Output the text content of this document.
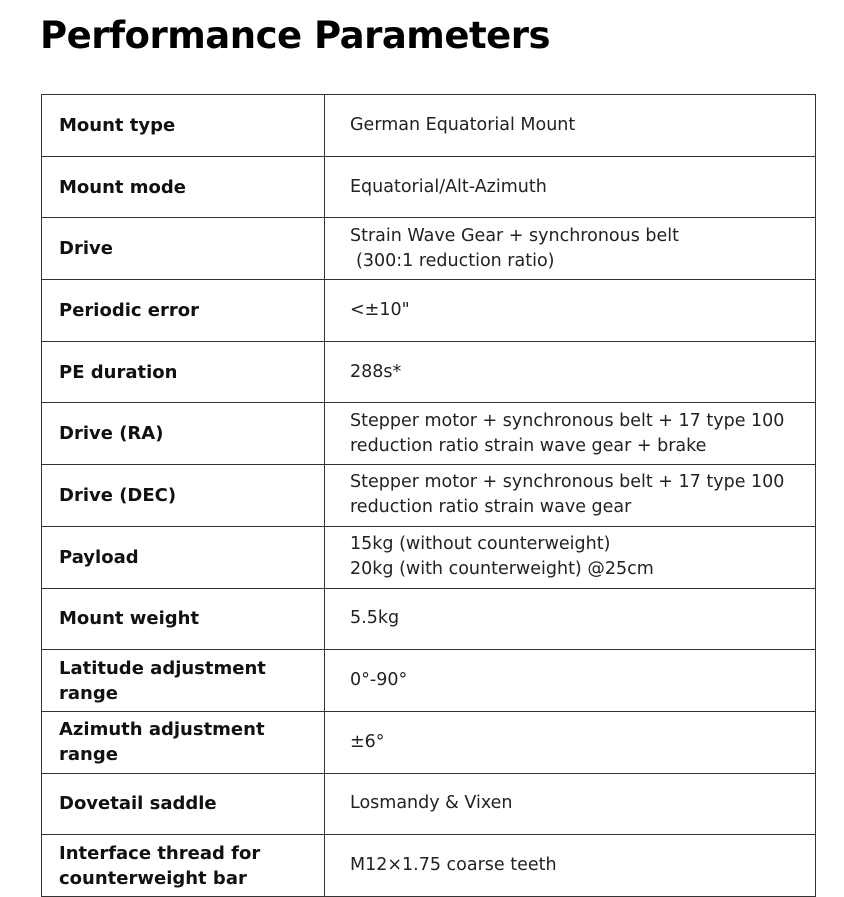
Performance Parameters
Mount type	German Equatorial Mount

Mount mode	Equatorial/Alt-Azimuth

Drive	Strain Wave Gear + synchronous belt
(300:1 reduction ratio)

Periodic error	<±10"

PE duration	288s*

Drive (RA)	Stepper motor + synchronous belt + 17 type 100
reduction ratio strain wave gear + brake

Drive (DEC)	Stepper motor + synchronous belt + 17 type 100
reduction ratio strain wave gear

Payload	15kg (without counterweight)
20kg (with counterweight) @25cm

Mount weight	5.5kg

Latitude adjustment range	0°-90°

Azimuth adjustment range	±6°

Dovetail saddle	Losmandy & Vixen

Interface thread for
counterweight bar	M12×1.75 coarse teeth
